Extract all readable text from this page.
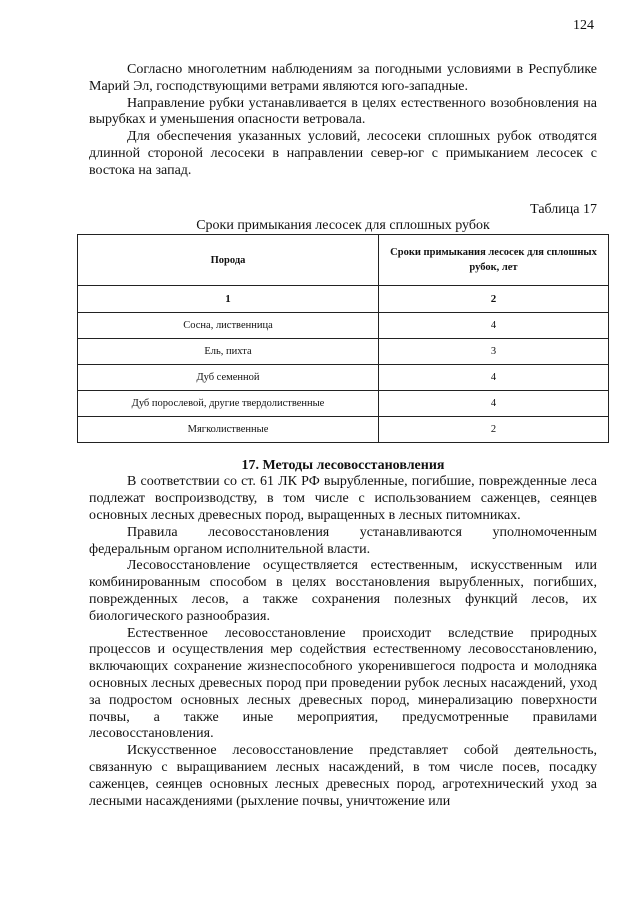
124

Согласно многолетним наблюдениям за погодными условиями в Республике Марий Эл, господствующими ветрами являются юго-западные.

Направление рубки устанавливается в целях естественного возобновления на вырубках и уменьшения опасности ветровала.

Для обеспечения указанных условий, лесосеки сплошных рубок отводятся длинной стороной лесосеки в направлении север-юг с примыканием лесосек с востока на запад.

Таблица 17
Сроки примыкания лесосек для сплошных рубок
Порода	Сроки примыкания лесосек для сплошных рубок, лет
1	2
Сосна, лиственница	4
Ель, пихта	3
Дуб семенной	4
Дуб порослевой, другие твердолиственные	4
Мягколиственные	2
17. Методы лесовосстановления

В соответствии со ст. 61 ЛК РФ вырубленные, погибшие, поврежденные леса подлежат воспроизводству, в том числе с использованием саженцев, сеянцев основных лесных древесных пород, выращенных в лесных питомниках.

Правила лесовосстановления устанавливаются уполномоченным федеральным органом исполнительной власти.

Лесовосстановление осуществляется естественным, искусственным или комбинированным способом в целях восстановления вырубленных, погибших, поврежденных лесов, а также сохранения полезных функций лесов, их биологического разнообразия.

Естественное лесовосстановление происходит вследствие природных процессов и осуществления мер содействия естественному лесовосстановлению, включающих сохранение жизнеспособного укоренившегося подроста и молодняка основных лесных древесных пород при проведении рубок лесных насаждений, уход за подростом основных лесных древесных пород, минерализацию поверхности почвы, а также иные мероприятия, предусмотренные правилами лесовосстановления.

Искусственное лесовосстановление представляет собой деятельность, связанную с выращиванием лесных насаждений, в том числе посев, посадку саженцев, сеянцев основных лесных древесных пород, агротехнический уход за лесными насаждениями (рыхление почвы, уничтожение или
